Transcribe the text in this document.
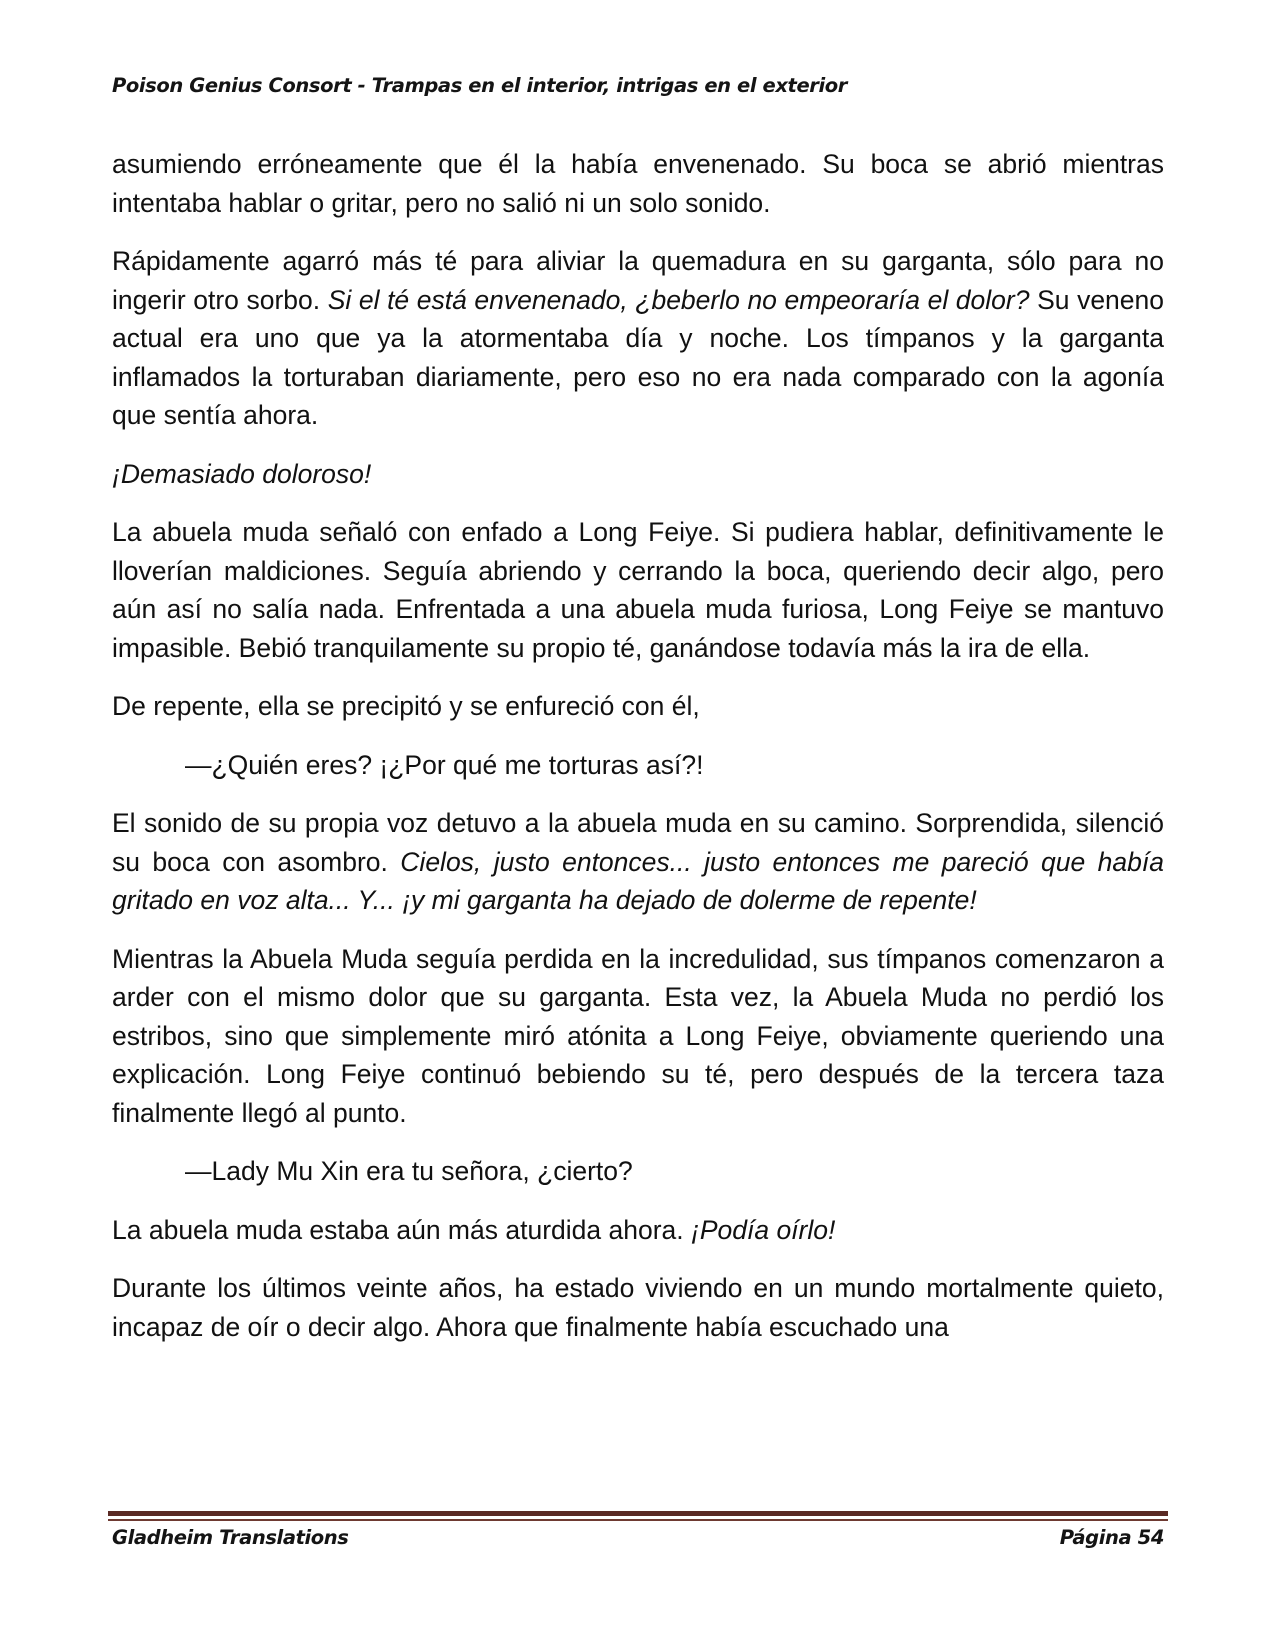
Poison Genius Consort - Trampas en el interior, intrigas en el exterior

asumiendo erróneamente que él la había envenenado. Su boca se abrió mientras intentaba hablar o gritar, pero no salió ni un solo sonido.

Rápidamente agarró más té para aliviar la quemadura en su garganta, sólo para no ingerir otro sorbo. Si el té está envenenado, ¿beberlo no empeoraría el dolor? Su veneno actual era uno que ya la atormentaba día y noche. Los tímpanos y la garganta inflamados la torturaban diariamente, pero eso no era nada comparado con la agonía que sentía ahora.

¡Demasiado doloroso!

La abuela muda señaló con enfado a Long Feiye. Si pudiera hablar, definitivamente le lloverían maldiciones. Seguía abriendo y cerrando la boca, queriendo decir algo, pero aún así no salía nada. Enfrentada a una abuela muda furiosa, Long Feiye se mantuvo impasible. Bebió tranquilamente su propio té, ganándose todavía más la ira de ella.

De repente, ella se precipitó y se enfureció con él,

—¿Quién eres? ¡¿Por qué me torturas así?!

El sonido de su propia voz detuvo a la abuela muda en su camino. Sorprendida, silenció su boca con asombro. Cielos, justo entonces... justo entonces me pareció que había gritado en voz alta... Y... ¡y mi garganta ha dejado de dolerme de repente!

Mientras la Abuela Muda seguía perdida en la incredulidad, sus tímpanos comenzaron a arder con el mismo dolor que su garganta. Esta vez, la Abuela Muda no perdió los estribos, sino que simplemente miró atónita a Long Feiye, obviamente queriendo una explicación. Long Feiye continuó bebiendo su té, pero después de la tercera taza finalmente llegó al punto.

—Lady Mu Xin era tu señora, ¿cierto?

La abuela muda estaba aún más aturdida ahora. ¡Podía oírlo!

Durante los últimos veinte años, ha estado viviendo en un mundo mortalmente quieto, incapaz de oír o decir algo. Ahora que finalmente había escuchado una

Gladheim Translations	Página 54
